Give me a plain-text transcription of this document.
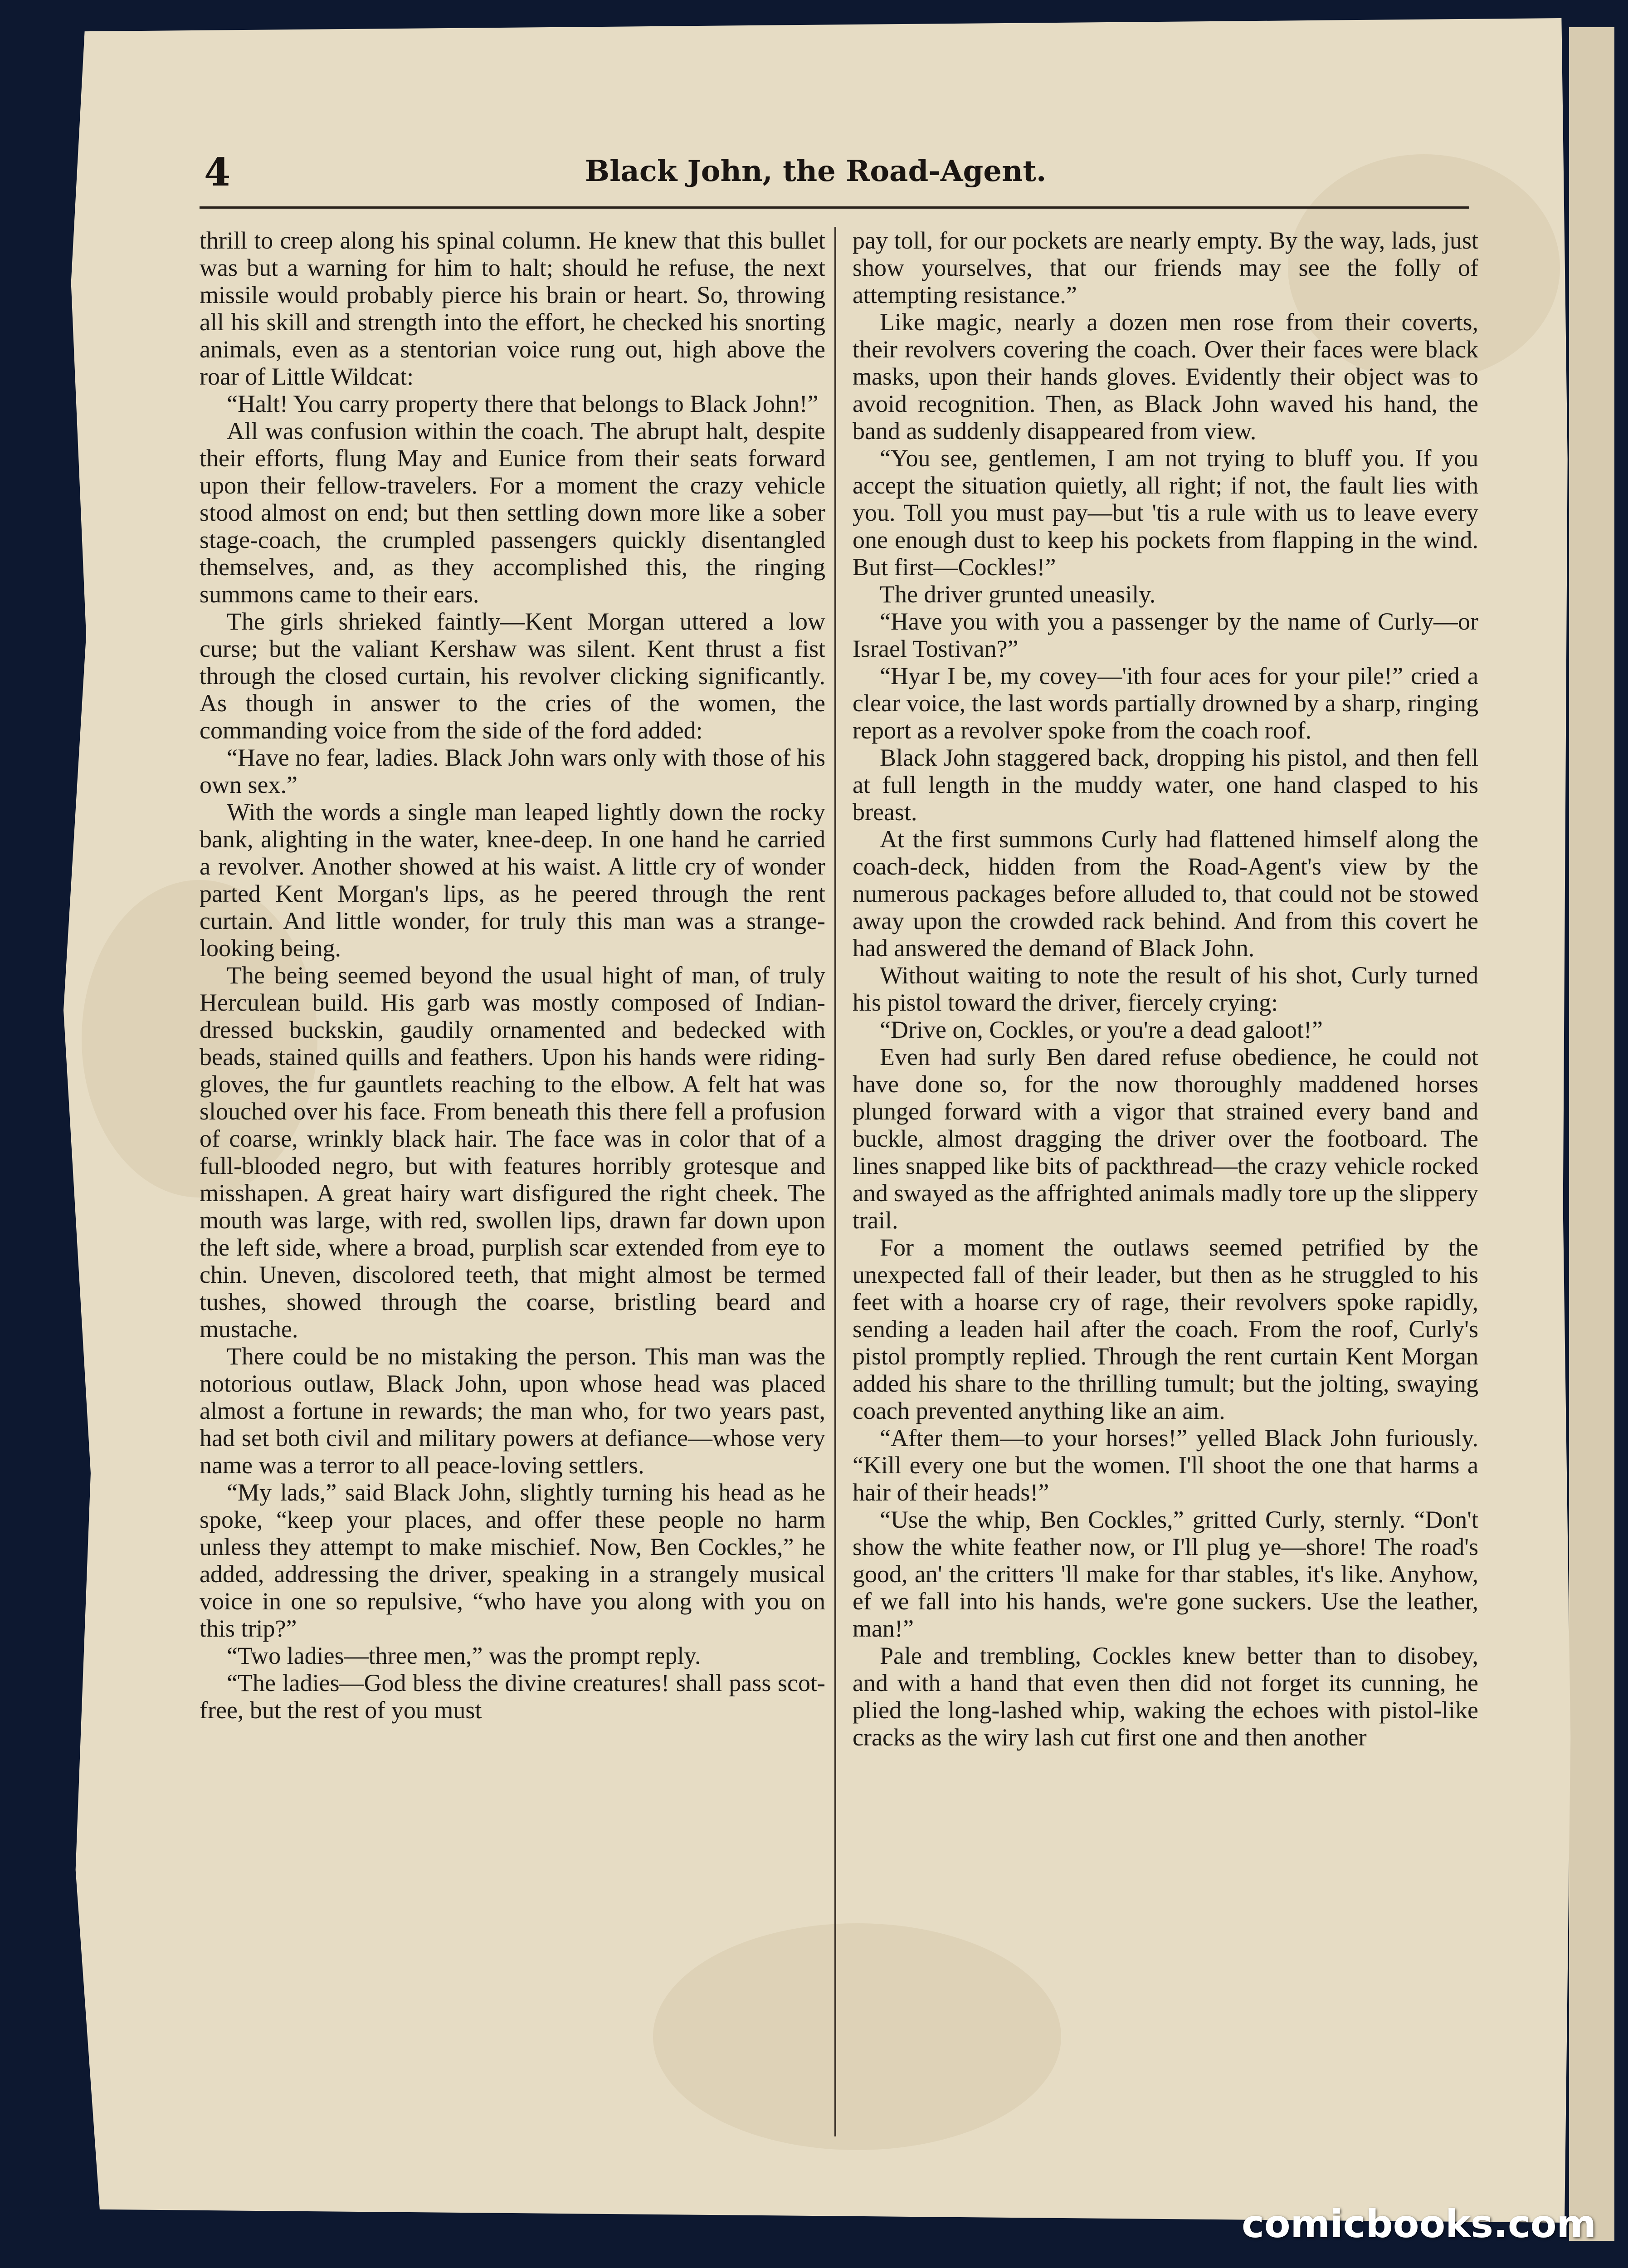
4	Black John, the Road-Agent.

thrill to creep along his spinal column. He knew that this bullet was but a warning for him to halt; should he refuse, the next missile would probably pierce his brain or heart. So, throwing all his skill and strength into the effort, he checked his snorting animals, even as a stentorian voice rung out, high above the roar of Little Wildcat:

“Halt! You carry property there that belongs to Black John!”

All was confusion within the coach. The abrupt halt, despite their efforts, flung May and Eunice from their seats forward upon their fellow-travelers. For a moment the crazy vehicle stood almost on end; but then settling down more like a sober stage-coach, the crumpled passengers quickly disentangled themselves, and, as they accomplished this, the ringing summons came to their ears.

The girls shrieked faintly—Kent Morgan uttered a low curse; but the valiant Kershaw was silent. Kent thrust a fist through the closed curtain, his revolver clicking significantly. As though in answer to the cries of the women, the commanding voice from the side of the ford added:

“Have no fear, ladies. Black John wars only with those of his own sex.”

With the words a single man leaped lightly down the rocky bank, alighting in the water, knee-deep. In one hand he carried a revolver. Another showed at his waist. A little cry of wonder parted Kent Morgan's lips, as he peered through the rent curtain. And little wonder, for truly this man was a strange-looking being.

The being seemed beyond the usual hight of man, of truly Herculean build. His garb was mostly composed of Indian-dressed buckskin, gaudily ornamented and bedecked with beads, stained quills and feathers. Upon his hands were riding-gloves, the fur gauntlets reaching to the elbow. A felt hat was slouched over his face. From beneath this there fell a profusion of coarse, wrinkly black hair. The face was in color that of a full-blooded negro, but with features horribly grotesque and misshapen. A great hairy wart disfigured the right cheek. The mouth was large, with red, swollen lips, drawn far down upon the left side, where a broad, purplish scar extended from eye to chin. Uneven, discolored teeth, that might almost be termed tushes, showed through the coarse, bristling beard and mustache.

There could be no mistaking the person. This man was the notorious outlaw, Black John, upon whose head was placed almost a fortune in rewards; the man who, for two years past, had set both civil and military powers at defiance—whose very name was a terror to all peace-loving settlers.

“My lads,” said Black John, slightly turning his head as he spoke, “keep your places, and offer these people no harm unless they attempt to make mischief. Now, Ben Cockles,” he added, addressing the driver, speaking in a strangely musical voice in one so repulsive, “who have you along with you on this trip?”

“Two ladies—three men,” was the prompt reply.

“The ladies—God bless the divine creatures! shall pass scot-free, but the rest of you must

pay toll, for our pockets are nearly empty. By the way, lads, just show yourselves, that our friends may see the folly of attempting resistance.”

Like magic, nearly a dozen men rose from their coverts, their revolvers covering the coach. Over their faces were black masks, upon their hands gloves. Evidently their object was to avoid recognition. Then, as Black John waved his hand, the band as suddenly disappeared from view.

“You see, gentlemen, I am not trying to bluff you. If you accept the situation quietly, all right; if not, the fault lies with you. Toll you must pay—but 'tis a rule with us to leave every one enough dust to keep his pockets from flapping in the wind. But first—Cockles!”

The driver grunted uneasily.

“Have you with you a passenger by the name of Curly—or Israel Tostivan?”

“Hyar I be, my covey—'ith four aces for your pile!” cried a clear voice, the last words partially drowned by a sharp, ringing report as a revolver spoke from the coach roof.

Black John staggered back, dropping his pistol, and then fell at full length in the muddy water, one hand clasped to his breast.

At the first summons Curly had flattened himself along the coach-deck, hidden from the Road-Agent's view by the numerous packages before alluded to, that could not be stowed away upon the crowded rack behind. And from this covert he had answered the demand of Black John.

Without waiting to note the result of his shot, Curly turned his pistol toward the driver, fiercely crying:

“Drive on, Cockles, or you're a dead galoot!”

Even had surly Ben dared refuse obedience, he could not have done so, for the now thoroughly maddened horses plunged forward with a vigor that strained every band and buckle, almost dragging the driver over the footboard. The lines snapped like bits of packthread—the crazy vehicle rocked and swayed as the affrighted animals madly tore up the slippery trail.

For a moment the outlaws seemed petrified by the unexpected fall of their leader, but then as he struggled to his feet with a hoarse cry of rage, their revolvers spoke rapidly, sending a leaden hail after the coach. From the roof, Curly's pistol promptly replied. Through the rent curtain Kent Morgan added his share to the thrilling tumult; but the jolting, swaying coach prevented anything like an aim.

“After them—to your horses!” yelled Black John furiously. “Kill every one but the women. I'll shoot the one that harms a hair of their heads!”

“Use the whip, Ben Cockles,” gritted Curly, sternly. “Don't show the white feather now, or I'll plug ye—shore! The road's good, an' the critters 'll make for thar stables, it's like. Anyhow, ef we fall into his hands, we're gone suckers. Use the leather, man!”

Pale and trembling, Cockles knew better than to disobey, and with a hand that even then did not forget its cunning, he plied the long-lashed whip, waking the echoes with pistol-like cracks as the wiry lash cut first one and then another

comicbooks.com
